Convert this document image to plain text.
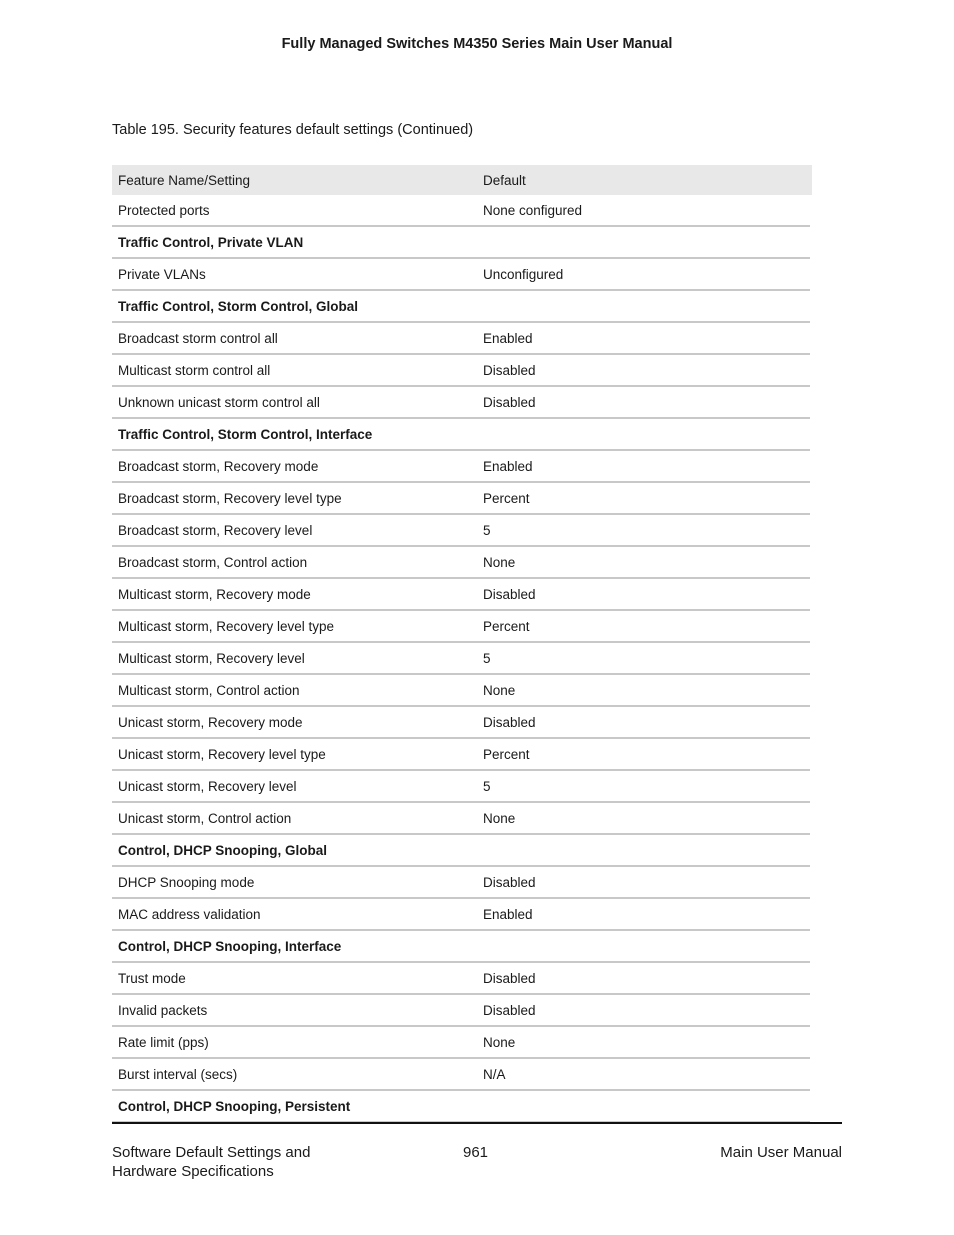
Fully Managed Switches M4350 Series Main User Manual
Table 195. Security features default settings (Continued)
Feature Name/Setting	Default
Protected ports	None configured
Traffic Control, Private VLAN	
Private VLANs	Unconfigured
Traffic Control, Storm Control, Global	
Broadcast storm control all	Enabled
Multicast storm control all	Disabled
Unknown unicast storm control all	Disabled
Traffic Control, Storm Control, Interface	
Broadcast storm, Recovery mode	Enabled
Broadcast storm, Recovery level type	Percent
Broadcast storm, Recovery level	5
Broadcast storm, Control action	None
Multicast storm, Recovery mode	Disabled
Multicast storm, Recovery level type	Percent
Multicast storm, Recovery level	5
Multicast storm, Control action	None
Unicast storm, Recovery mode	Disabled
Unicast storm, Recovery level type	Percent
Unicast storm, Recovery level	5
Unicast storm, Control action	None
Control, DHCP Snooping, Global	
DHCP Snooping mode	Disabled
MAC address validation	Enabled
Control, DHCP Snooping, Interface	
Trust mode	Disabled
Invalid packets	Disabled
Rate limit (pps)	None
Burst interval (secs)	N/A
Control, DHCP Snooping, Persistent	
Software Default Settings and
Hardware Specifications
961	Main User Manual
